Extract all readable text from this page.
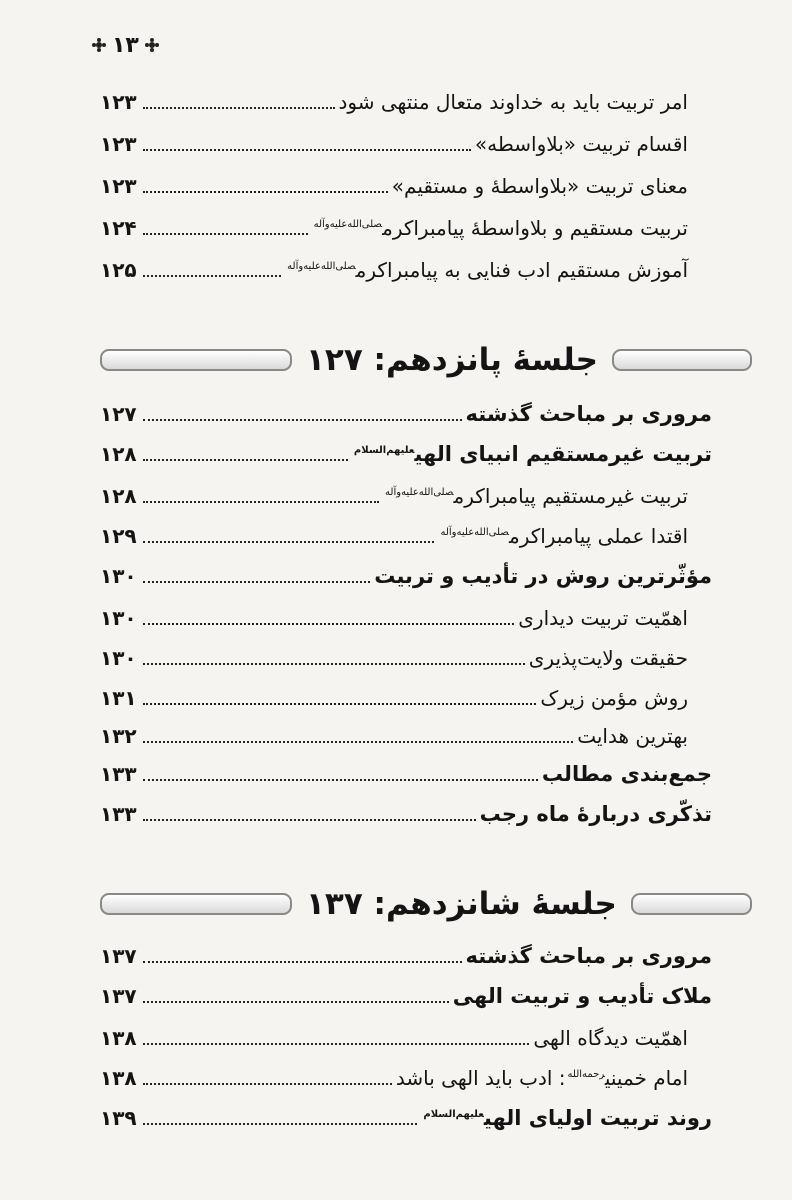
۱۳
امر تربیت باید به خداوند متعال منتهی شود
۱۲۳
اقسام تربیت «بلاواسطه»
۱۲۳
معنای تربیت «بلاواسطهٔ و مستقیم»
۱۲۳
تربیت مستقیم و بلاواسطهٔ پیامبراکرم$^{صلی‌الله‌علیه‌وآله}$
۱۲۴
آموزش مستقیم ادب فنایی به پیامبراکرم$^{صلی‌الله‌علیه‌وآله}$
۱۲۵
جلسهٔ پانزدهم: ۱۲۷
مروری بر مباحث گذشته
۱۲۷
تربیت غیرمستقیم انبیای الهی$^{علیهم‌السلام}$
۱۲۸
تربیت غیرمستقیم پیامبراکرم$^{صلی‌الله‌علیه‌وآله}$
۱۲۸
اقتدا عملی پیامبراکرم$^{صلی‌الله‌علیه‌وآله}$
۱۲۹
مؤثّرترین روش در تأدیب و تربیت
۱۳۰
اهمّیت تربیت دیداری
۱۳۰
حقیقت ولایت‌پذیری
۱۳۰
روش مؤمن زیرک
۱۳۱
بهترین هدایت
۱۳۲
جمع‌بندی مطالب
۱۳۳
تذکّری دربارهٔ ماه رجب
۱۳۳
جلسهٔ شانزدهم: ۱۳۷
مروری بر مباحث گذشته
۱۳۷
ملاک تأدیب و تربیت الهی
۱۳۷
اهمّیت دیدگاه الهی
۱۳۸
امام خمینی$^{رحمه‌الله}$: ادب باید الهی باشد
۱۳۸
روند تربیت اولیای الهی$^{علیهم‌السلام}$
۱۳۹
